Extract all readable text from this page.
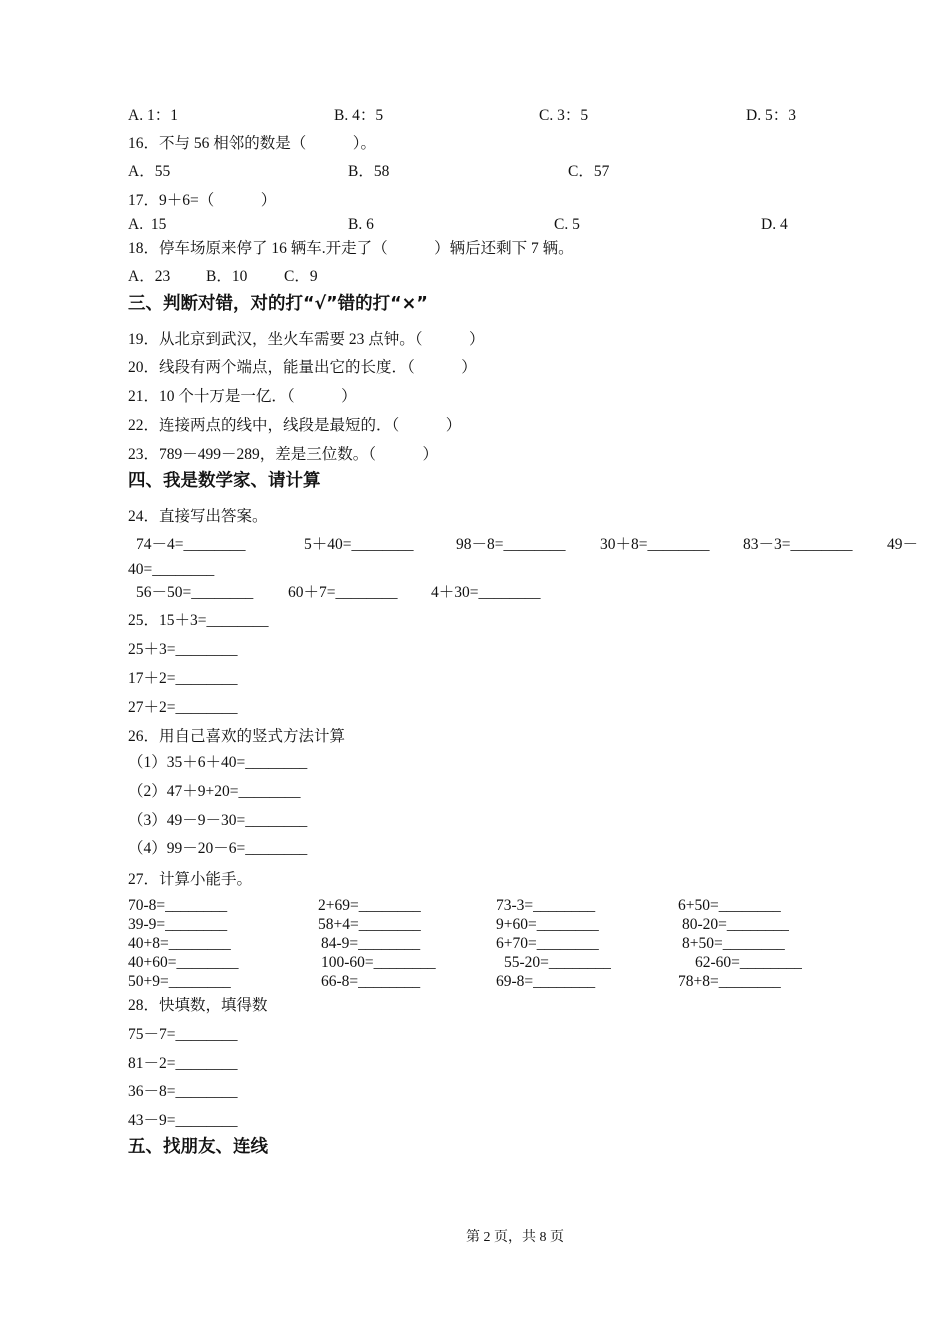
A. 1：1	B. 4：5	C. 3：5	D. 5：3
16．不与 56 相邻的数是（　　　）。
A．55	B．58	C．57
17．9＋6=（　　　）
A.  15	B. 6	C. 5	D. 4
18．停车场原来停了 16 辆车.开走了（　　　）辆后还剩下 7 辆。
A．23 B．10 C．9
三、判断对错，对的打“√”错的打“×”
19．从北京到武汉，坐火车需要 23 点钟。（　　　）
20．线段有两个端点，能量出它的长度．（　　　）
21．10 个十万是一亿．（　　　）
22．连接两点的线中，线段是最短的．（　　　）
23．789－499－289，差是三位数。（　　　）
四、我是数学家、请计算
24．直接写出答案。
74－4=________	5＋40=________	98－8=________ 30＋8=________ 83－3=________ 49－
40=________
56－50=________ 60＋7=________ 4＋30=________
25．15＋3=________
25＋3=________
17＋2=________
27＋2=________
26．用自己喜欢的竖式方法计算
（1）35＋6＋40=________
（2）47＋9+20=________
（3）49－9－30=________
（4）99－20－6=________
27．计算小能手。
70-8=________	2+69=________	73-3=________	6+50=________
39-9=________	58+4=________	9+60=________	80-20=________
40+8=________	84-9=________	6+70=________	8+50=________
40+60=________	100-60=________	55-20=________	62-60=________
50+9=________	66-8=________	69-8=________	78+8=________
28．快填数，填得数
75－7=________
81－2=________
36－8=________
43－9=________
五、找朋友、连线
第 2 页，共 8 页
